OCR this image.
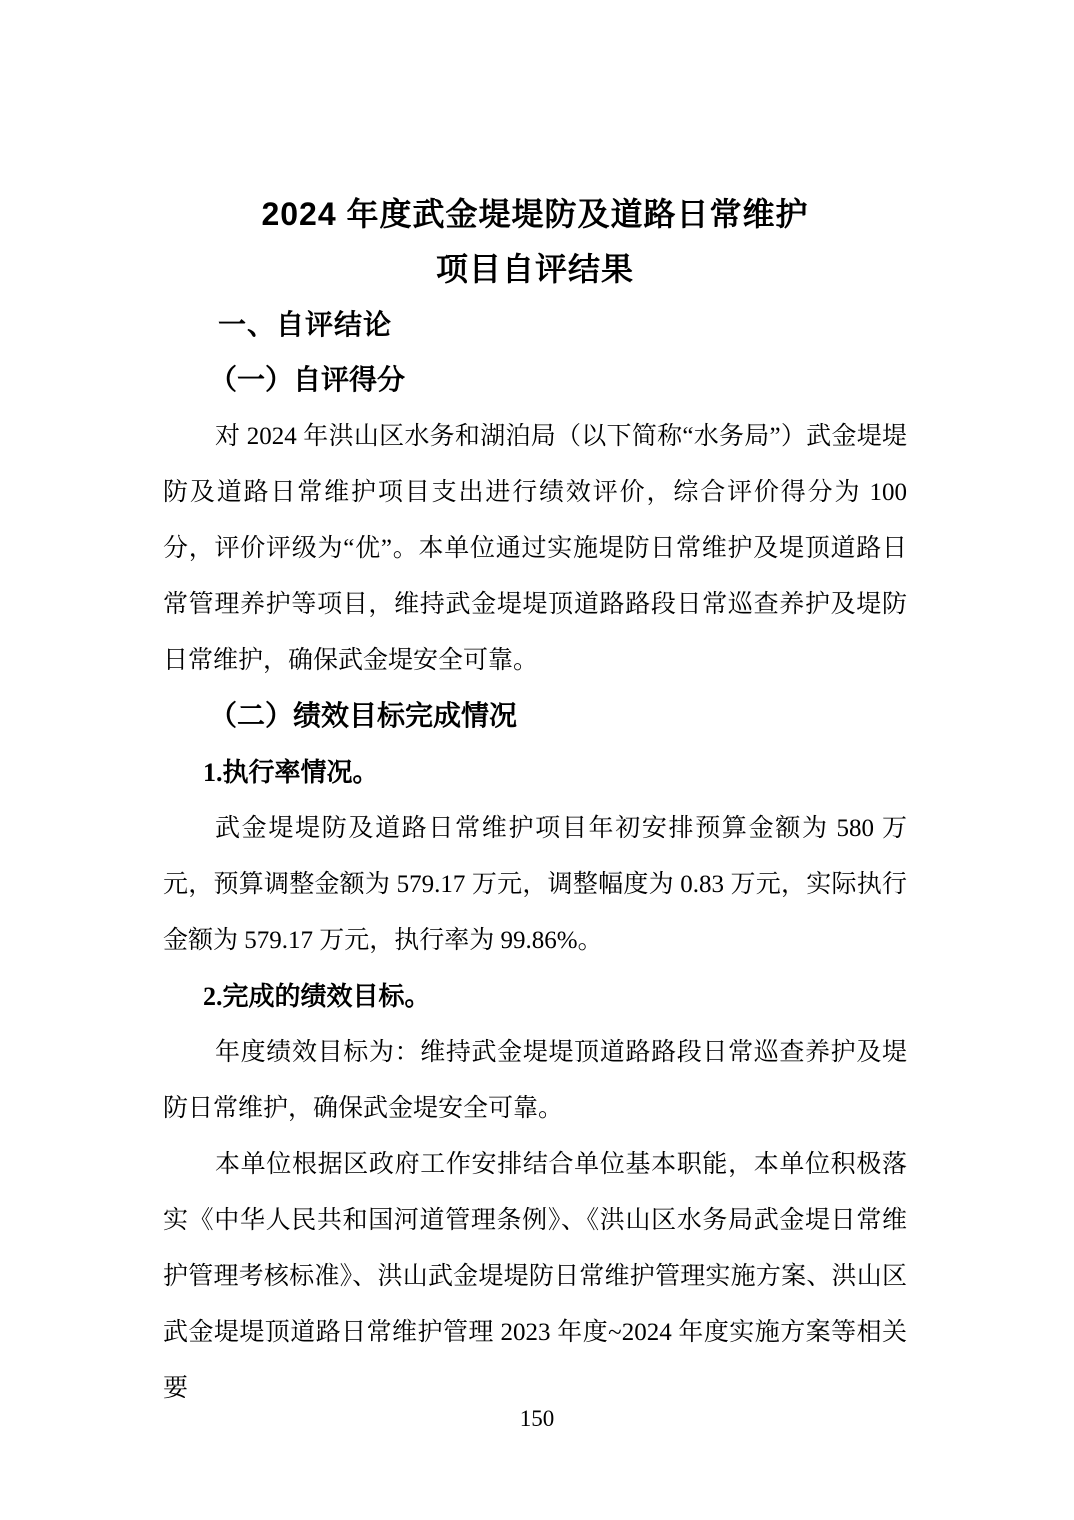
2024 年度武金堤堤防及道路日常维护
项目自评结果
一、自评结论
（一）自评得分
对 2024 年洪山区水务和湖泊局（以下简称“水务局”）武金堤堤防及道路日常维护项目支出进行绩效评价，综合评价得分为 100 分，评价评级为“优”。本单位通过实施堤防日常维护及堤顶道路日常管理养护等项目，维持武金堤堤顶道路路段日常巡查养护及堤防日常维护，确保武金堤安全可靠。
（二）绩效目标完成情况
1.执行率情况。
武金堤堤防及道路日常维护项目年初安排预算金额为 580 万元，预算调整金额为 579.17 万元，调整幅度为 0.83 万元，实际执行金额为 579.17 万元，执行率为 99.86%。
2.完成的绩效目标。
年度绩效目标为：维持武金堤堤顶道路路段日常巡查养护及堤防日常维护，确保武金堤安全可靠。
本单位根据区政府工作安排结合单位基本职能，本单位积极落实《中华人民共和国河道管理条例》、《洪山区水务局武金堤日常维护管理考核标准》、洪山武金堤堤防日常维护管理实施方案、洪山区武金堤堤顶道路日常维护管理 2023 年度~2024 年度实施方案等相关要
150
